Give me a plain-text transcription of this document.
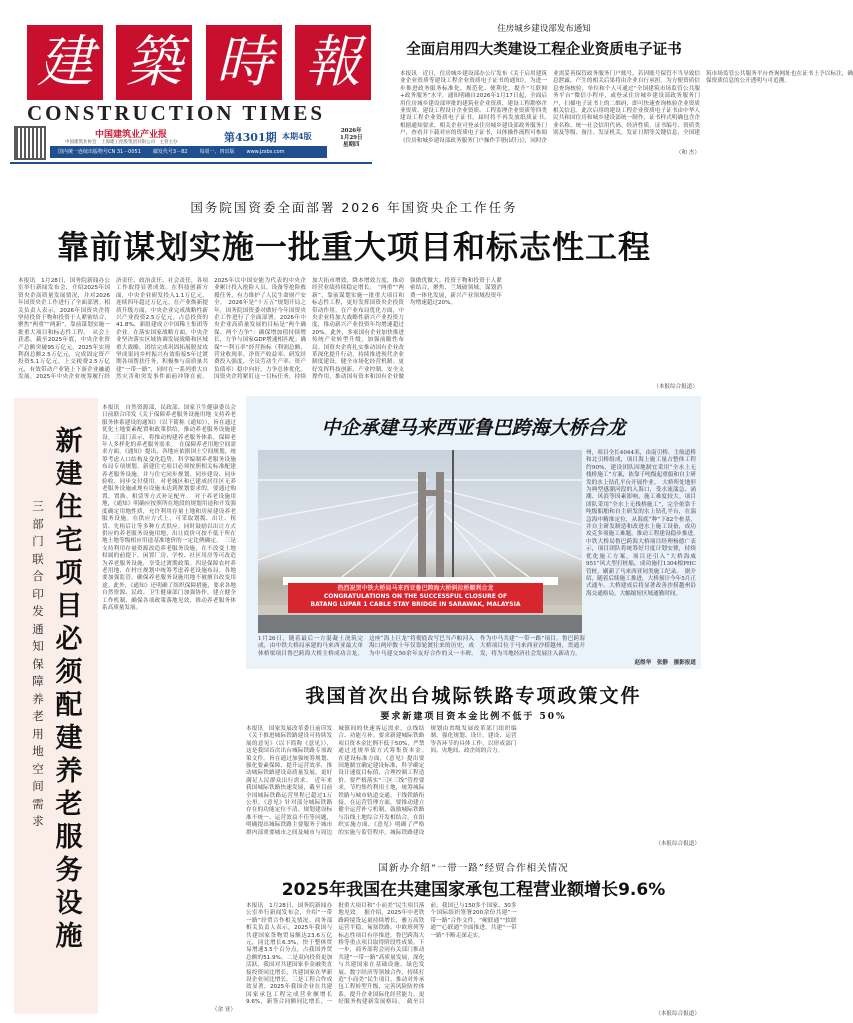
建 築 時 報
CONSTRUCTION TIMES
中国建筑业产业报
中国建筑业协会　上海建工控股集团有限公司　主管主办	第4301期 本期4版	2026年
1月29日
星期四
国内统一连续出版物号CN 31－0051 邮发代号3－82 每周一、四出版 www.jzsbs.com
住房城乡建设部发布通知
全面启用四大类建设工程企业资质电子证书
本报讯　近日，住房城乡建设部办公厅发布《关于启用建筑业企业资质等建设工程企业资质电子证书的通知》，为进一步推进政务服务标准化、规范化、便利化，提升“互联网+政务服务”水平，通知明确自2026年1月17日起，全面启用住房城乡建设部审批的建筑业企业资质、建设工程勘察企业资质、建设工程设计企业资质、工程监理企业资质等四类建设工程企业资质电子证书，届时将不再发放纸质证书。　根据通知要求，相关企业可登录住房城乡建设部政务服务门户，查看并下载对应的资质电子证书，具体操作流程可参阅《住房和城乡建设部政务服务门户操作手册(试行)》，同时企业需妥善保管政务服务门户账号，若因账号保管不当导致信息泄露，产生的相关后果将由企业自行承担。为方便资质信息查询核验，单位和个人可通过“全国建筑市场监管公共服务平台”微信小程序，或登录住房城乡建设部政务服务门户，扫描电子证书上的二维码，即可快速查询核验企业资质相关信息。此次启用的建设工程企业资质电子证书由中华人民共和国住房和城乡建设部统一制作，证书样式明确包含企业名称、统一社会信用代码、经济性质、证书编号、资质类别及等级、备注、发证机关、发证日期等关键信息，全国建筑市场监管公共服务平台查询网址也在证书上予以标注，确保资质信息的公开透明与可追溯。
（和 杰）
国务院国资委全面部署 2026 年国资央企工作任务
靠前谋划实施一批重大项目和标志性工程
本报讯　1月28日，国务院新闻办公室举行新闻发布会，介绍2025年国资央企高质量发展情况，并对2026年国资央企工作进行了全面部署。相关负责人表示，2026年国资央企将坚持投资于物和投资于人紧密结合，聚焦“两重”“两新”，靠前谋划实施一批重大项目和标志性工程。　从会上获悉，截至2025年底，中央企业资产总额突破95万亿元，2025年实现利润总额2.5万亿元，完成固定资产投资5.1万亿元，上交税费2.5万亿元，有效带动产业链上下游企业融通发展。2025年中央企业统筹履行经济责任、政治责任、社会责任，各项工作取得显著成效。在科技创新方面，中央企业研发投入1.1万亿元，连续四年超过万亿元。在产业焕新提质升级方面，中央企业完成战略性新兴产业投资2.5万亿元，占总投资的41.8%，新组建成立中国稀土集团等企业。在落实国家战略方面，中央企业坚决落实区域协调发展战略和区域重大战略，团结完成巩固拓展脱贫攻坚成果同乡村振兴有效衔接5年过渡期各项帮扶任务，积极参与高质量共建“一带一路”，同时在一系列重大自然灾害和突发事件面前冲锋在前。2025年以中国安能为代表的中央企业累计投入抢险人员、设备等抢险救援任务，有力维护了人民生命财产安全。　2026年是“十五五”规划开局之年，国务院国资委对做好今年国资央企工作进行了全面部署。2026年中央企业高质量发展的目标是“两个确保、两个力争”：确保增加值持续增长，力争与国家GDP增速相匹配；确保“一利五率”经营指标（利润总额、营业收现率、净资产收益率、研发经费投入强度、全员劳动生产率、资产负债率）稳中向好，力争总体优化。国资央企将紧盯这一目标任务，持续加大拓市增效、降本增效力度，推动经营业绩持续稳定增长。　“两重”“两新”，靠前谋划实施一批重大项目和标志性工程，更好发挥国资央企投资带动作用。在产业布局优化方面，中央企业将加大战略性新兴产业投资力度，推动新兴产业投资年均增速超过20%。此外，多家国有企业加快推进传统产业转型升级，加强前瞻性布局。国资央企将扎实推动国有企业改革深化提升行动，持续推进现代企业制度建设，健全市场化经营机制。更好发挥科技创新、产业控制、安全支撑作用，推动国有资本和国有企业做强做优做大。投资于物和投资于人紧密结合，聚焦、兰域破领域，谋划消费一体化发展，新兴产业领域投资年均增速超过20%。
（本报综合报道）
新建住宅项目必须配建养老服务设施
三部门联合印发通知保障养老用地空间需求
本报讯　自然资源部、民政部、国家卫生健康委员会日前联合印发《关于保障养老服务设施用地 支持养老服务体系建设的通知》（以下简称《通知》），旨在通过优化土地要素配置和政策供给，推动养老服务设施建设。三部门表示，将推动构建养老服务体系，保障老年人多样化的养老服务需求。　在保障养老用地空间需求方面，《通知》提出，各地应依据国土空间规划，统筹考虑人口结构及变化趋势，科学编制养老服务设施布局专项规划。新建住宅项目必须按照相关标准配建养老服务设施，并与住宅同步规划、同步建设、同步验收、同步交付使用。对老城区和已建成居住区无养老服务设施或现有设施未达到规划要求的，要通过购置、置换、租赁等方式补足配齐。　对于养老设施用地，《通知》明确应按照所在地段的规划用途和开发强度确定用地性质，允许利用存量土地和房屋建设养老服务设施。在供应方式上，可采取划拨、出让、租赁、先租后让等多种方式供应。同时鼓励以出让方式供应的养老服务设施用地，出让底价可按不低于所在地土地等级相应用途基准地价的一定比例确定。　三是支持利用存量资源改造养老服务设施，在不改变土地权属的前提下，闲置厂房、学校、社区用房等可改造为养老服务设施，享受过渡期政策。四是保障农村养老用地，在村庄规划中统筹考虑养老设施布局。各地要加强监管，确保养老服务设施用地不被擅自改变用途。此外，《通知》还明确了组织保障措施，要求各地自然资源、民政、卫生健康部门加强协作，建立健全工作机制，确保各项政策落地见效，推动养老服务体系高质量发展。
（余 亚）
中企承建马来西亚鲁巴跨海大桥合龙
热烈祝贺中铁大桥局马来西亚鲁巴跨海大桥斜拉桥顺利合龙
CONGRATULATIONS ON THE SUCCESSFUL CLOSURE OF
BATANG LUPAR 1 CABLE STAY BRIDGE IN SARAWAK, MALAYSIA
州，项目全长4044米，由南引桥、主航道桥和北引桥组成，项目海上施工量占整体工程约90%，建设团队因地制宜采用“全水上无栈桥施工”方案，依靠千吨级起重船和自主研发的水上钻孔平台开展作业。　大桥所处地形为典型感潮河段的入海口，受水流湍急、涌潮、风浪等因素影响，施工难度较大。项目团队采用“全水上无栈桥施工”，完全依靠千吨级船舶和自主研发的水上钻孔平台，在湍急海中精准定位，从海底“种”下82个桩基，并自主研发制造和改进水上施工设备，成功攻克多项施工难题，推动工程建设稳步推进。　中铁大桥局鲁巴跨海大桥项目经理杨德广表示，项目团队将统筹好月度计划安排，持续优化施工方案，项目还引入“大桥海威951”风大型打桩船，成功施打1304根PHC管桩，刷新了马来西亚同类施工纪录。　据介绍，随着后续施工推进，大桥预计今年5月正式通车。大桥建成后将显著改善沙捞越州沿海交通格局，大幅缩短区域通勤时间。
1月26日，随着最后一方混凝土浇筑完成，由中铁大桥局承建的马来西亚最大单体桥梁项目鲁巴跨海大桥主桥成功合龙。这座“海上巨龙”将彻底改写巴当卢帕河入海口两岸数十年仅靠轮渡往来的历史，成为中马建交50余年友好合作的又一丰碑。　作为中马共建“一带一路”项目，鲁巴跨海大桥项目位于马来西亚沙捞越州，贯通开发，将为当地经济社会发展注入新动力。
赵煜华　张静　摄影报道
我国首次出台城际铁路专项政策文件
要求新建项目资本金比例不低于 50%
本报讯　国家发展改革委日前印发《关于推进城际铁路建设可持续发展的意见》（以下简称《意见》），这是我国首次出台城际铁路专项政策文件。旨在通过加强统筹规划、强化要素保障、提升运营效率，推动城际铁路建设高质量发展，更好满足人民群众出行需求。　近年来我国城际铁路快速发展，截至目前全国城际铁路运营里程已超过1万公里。《意见》针对部分城际铁路存在的功能定位不清、规划建设标准不统一、运营效益不佳等问题，明确提出城际铁路主要服务于城市群内部重要城市之间及城市与周边城镇间的快速客运需求，点线结合、功能互补。要求新建城际铁路项目资本金比例不低于50%，严禁通过违规举债方式筹集资本金。　在建设标准方面，《意见》提出要因地制宜确定建设标准，科学确定设计速度目标值，合理控制工程造价。要严格落实“三区三线”管控要求，节约集约利用土地，统筹城际铁路与城市轨道交通、干线铁路衔接。在运营管理方面，要推动建立健全运营补亏机制，鼓励城际铁路与沿线土地综合开发相结合。在组织实施方面，《意见》明确了严格的实施与监管程序，城际铁路建设规划由省级发展改革部门组织编制，强化规划、设计、建设、运营等各环节的具体工作，以形成部门间、央地间、政企间的合力。
（本报综合报道）
国新办介绍“一带一路”经贸合作相关情况
2025年我国在共建国家承包工程营业额增长9.6%
本报讯　1月28日，国务院新闻办公室举行新闻发布会，介绍“一带一路”经贸合作相关情况。商务部相关负责人表示，2025年我国与共建国家货物贸易额达23.6万亿元，同比增长6.3%，快于整体贸易增速3.5个百分点，占我国外贸总额的51.9%。二是双向投资更加活跃，我国对共建国家非金融类直接投资同比增长，共建国家在华新设企业同比增长。三是工程合作成效显著，2025年我国企业在共建国家承包工程完成营业额增长9.6%，新签合同额同比增长，一批重大项目和“小而美”民生项目落地见效。　据介绍，2025年中老铁路跨境货运量持续增长，雅万高铁运营平稳，匈塞铁路、中欧班列等标志性项目有序推进。鲁巴跨海大桥等重点项目取得阶段性成果。下一步，商务部将会同有关部门推动共建“一带一路”高质量发展，深化与共建国家在基础设施、绿色发展、数字经济等领域合作，持续打造“小而美”民生项目，推动对外承包工程转型升级，完善风险防控体系，提升企业国际化经营能力，更好服务构建新发展格局。　截至目前，我国已与150多个国家、30多个国际组织签署200余份共建“一带一路”合作文件，“硬联通”“软联通”“心联通”全面推进，共建“一带一路”不断走深走实。
（本报综合报道）
